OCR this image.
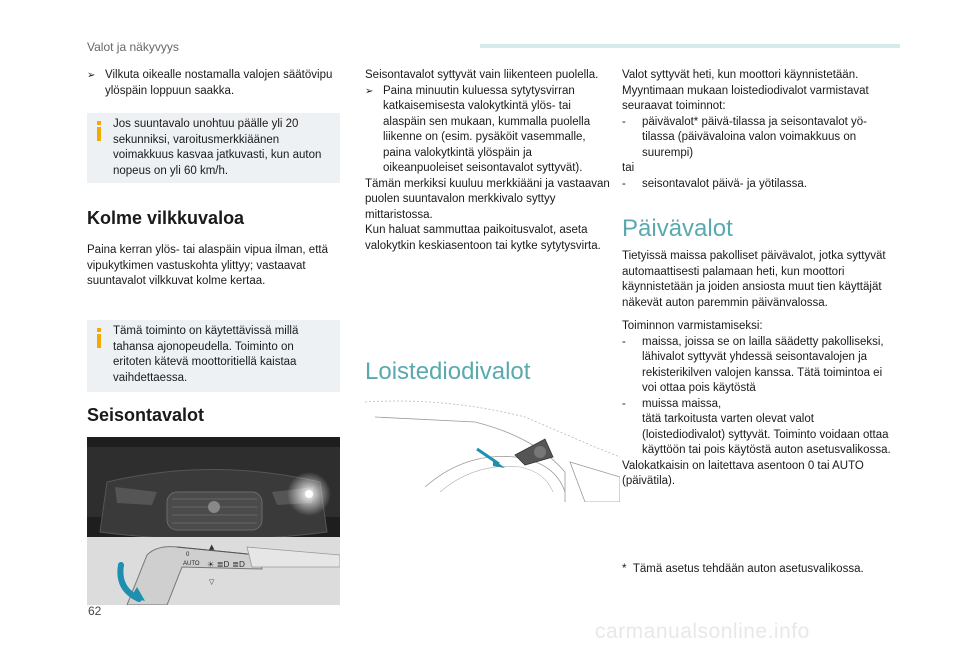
Valot ja näkyvyys

➢ Vilkuta oikealle nostamalla valojen säätövipu ylöspäin loppuun saakka.

Jos suuntavalo unohtuu päälle yli 20 sekunniksi, varoitusmerkkiäänen voimakkuus kasvaa jatkuvasti, kun auton nopeus on yli 60 km/h.
Kolme vilkkuvaloa

Paina kerran ylös- tai alaspäin vipua ilman, että vipukytkimen vastuskohta ylittyy; vastaavat suuntavalot vilkkuvat kolme kertaa.

Tämä toiminto on käytettävissä millä tahansa ajonopeudella. Toiminto on eritoten kätevä moottoritiellä kaistaa vaihdettaessa.
Seisontavalot
AUTO
0
☀ ≣D ≣D
▲
▽

Seisontavalot syttyvät vain liikenteen puolella.

➢ Paina minuutin kuluessa sytytysvirran katkaisemisesta valokytkintä ylös- tai alaspäin sen mukaan, kummalla puolella liikenne on (esim. pysäköit vasemmalle, paina valokytkintä ylöspäin ja oikeanpuoleiset seisontavalot syttyvät).

Tämän merkiksi kuuluu merkkiääni ja vastaavan puolen suuntavalon merkkivalo syttyy mittaristossa.

Kun haluat sammuttaa paikoitusvalot, aseta valokytkin keskiasentoon tai kytke sytytysvirta.

Loistediodivalot

Valot syttyvät heti, kun moottori käynnistetään.

Myyntimaan mukaan loistediodivalot varmistavat seuraavat toiminnot:

- päivävalot* päivä-tilassa ja seisontavalot yö-tilassa (päivävaloina valon voimakkuus on suurempi)

tai

- seisontavalot päivä- ja yötilassa.

Päivävalot

Tietyissä maissa pakolliset päivävalot, jotka syttyvät automaattisesti palamaan heti, kun moottori käynnistetään ja joiden ansiosta muut tien käyttäjät näkevät auton paremmin päivänvalossa.

Toiminnon varmistamiseksi:

- maissa, joissa se on lailla säädetty pakolliseksi,

lähivalot syttyvät yhdessä seisontavalojen ja rekisterikilven valojen kanssa. Tätä toimintoa ei voi ottaa pois käytöstä

- muissa maissa,

tätä tarkoitusta varten olevat valot (loistediodivalot) syttyvät. Toiminto voidaan ottaa käyttöön tai pois käytöstä auton asetusvalikossa.

Valokatkaisin on laitettava asentoon 0 tai AUTO (päivätila).

*  Tämä asetus tehdään auton asetusvalikossa.
62
carmanualsonline.info
